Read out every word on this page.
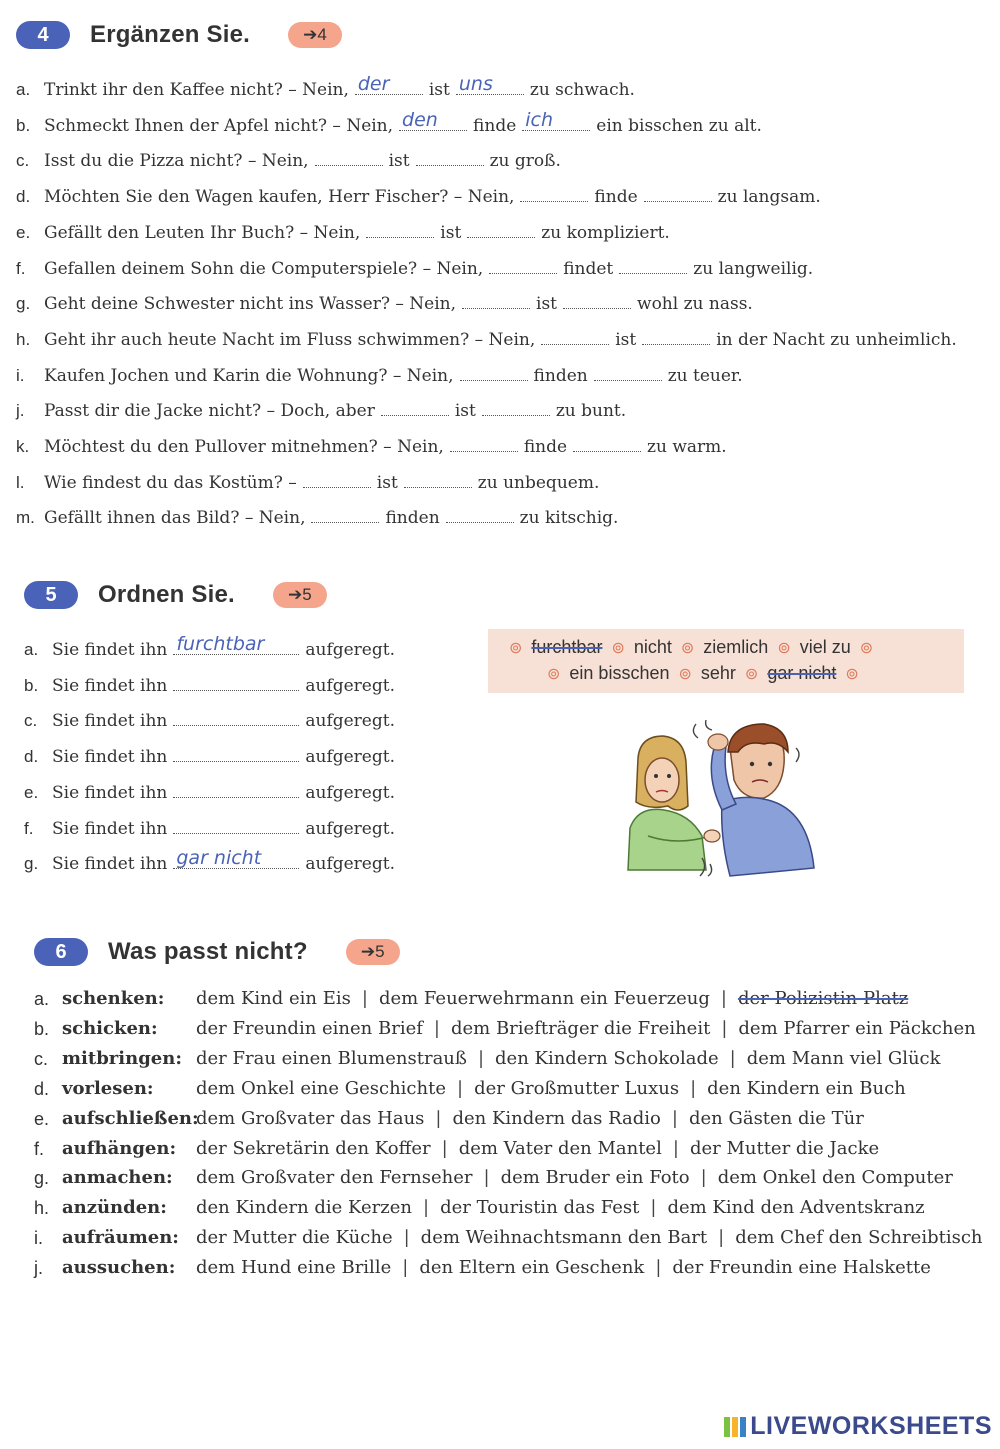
4	Ergänzen Sie.	➔4
a. Trinkt ihr den Kaffee nicht? – Nein, der ist uns zu schwach.
b. Schmeckt Ihnen der Apfel nicht? – Nein, den finde ich	ein bisschen zu alt.
c. Isst du die Pizza nicht? – Nein,	ist	zu groß.
d. Möchten Sie den Wagen kaufen, Herr Fischer? – Nein,	finde	zu langsam.
e. Gefällt den Leuten Ihr Buch? – Nein,	ist	zu kompliziert.
f. Gefallen deinem Sohn die Computerspiele? – Nein,	findet	zu langweilig.
g. Geht deine Schwester nicht ins Wasser? – Nein,	ist	wohl zu nass.
h. Geht ihr auch heute Nacht im Fluss schwimmen? – Nein,	ist	in der Nacht zu unheimlich.
i. Kaufen Jochen und Karin die Wohnung? – Nein,	finden	zu teuer.
j. Passt dir die Jacke nicht? – Doch, aber	ist	zu bunt.
k. Möchtest du den Pullover mitnehmen? – Nein,	finde	zu warm.
l. Wie findest du das Kostüm? –	ist	zu unbequem.
m. Gefällt ihnen das Bild? – Nein,	finden	zu kitschig.
5	Ordnen Sie.	➔5
a. Sie findet ihn furchtbar aufgeregt.
b. Sie findet ihn	aufgeregt.
c. Sie findet ihn	aufgeregt.
d. Sie findet ihn	aufgeregt.
e. Sie findet ihn	aufgeregt.
f. Sie findet ihn	aufgeregt.
g. Sie findet ihn gar nicht	aufgeregt.
⊚ furchtbar ⊚ nicht ⊚ ziemlich ⊚ viel zu ⊚
⊚ ein bisschen ⊚ sehr ⊚ gar nicht ⊚
6	Was passt nicht?	➔5
a. schenken:	dem Kind ein Eis | dem Feuerwehrmann ein Feuerzeug | der Polizistin Platz
b. schicken:	der Freundin einen Brief | dem Briefträger die Freiheit | dem Pfarrer ein Päckchen
c. mitbringen: der Frau einen Blumenstrauß | den Kindern Schokolade | dem Mann viel Glück
d. vorlesen:	dem Onkel eine Geschichte | der Großmutter Luxus | den Kindern ein Buch
e. aufschließen:
dem Großvater das Haus | den Kindern das Radio | den Gästen die Tür
f. aufhängen:	der Sekretärin den Koffer | dem Vater den Mantel | der Mutter die Jacke
g. anmachen:	dem Großvater den Fernseher | dem Bruder ein Foto | dem Onkel den Computer
h. anzünden:	den Kindern die Kerzen | der Touristin das Fest | dem Kind den Adventskranz
i.	aufräumen: der Mutter die Küche | dem Weihnachtsmann den Bart | dem Chef den Schreibtisch
j.	aussuchen:	dem Hund eine Brille | den Eltern ein Geschenk | der Freundin eine Halskette
LIVEWORKSHEETS
